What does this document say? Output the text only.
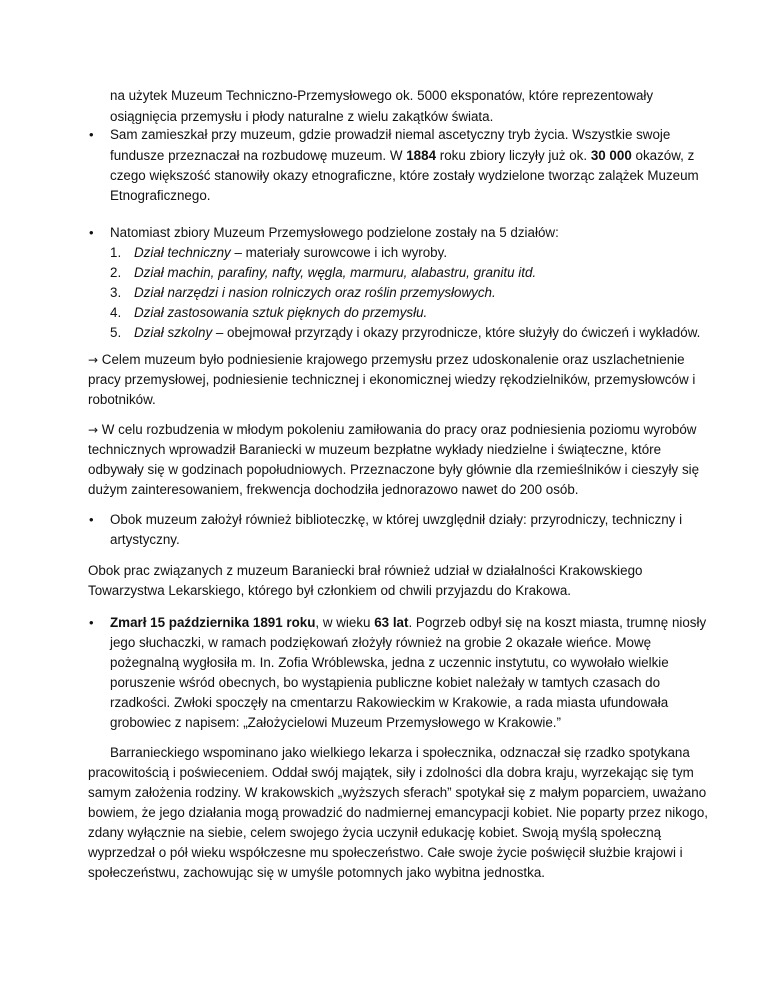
na użytek Muzeum Techniczno-Przemysłowego ok. 5000 eksponatów, które reprezentowały
osiągnięcia przemysłu i płody naturalne z wielu zakątków świata.
• Sam zamieszkał przy muzeum, gdzie prowadził niemal ascetyczny tryb życia. Wszystkie swoje
fundusze przeznaczał na rozbudowę muzeum. W 1884 roku zbiory liczyły już ok. 30 000 okazów, z
czego większość stanowiły okazy etnograficzne, które zostały wydzielone tworząc zalążek Muzeum
Etnograficznego.
• Natomiast zbiory Muzeum Przemysłowego podzielone zostały na 5 działów:
1. Dział techniczny – materiały surowcowe i ich wyroby.
2. Dział machin, parafiny, nafty, węgla, marmuru, alabastru, granitu itd.
3. Dział narzędzi i nasion rolniczych oraz roślin przemysłowych.
4. Dział zastosowania sztuk pięknych do przemysłu.
5. Dział szkolny – obejmował przyrządy i okazy przyrodnicze, które służyły do ćwiczeń i wykładów.
→ Celem muzeum było podniesienie krajowego przemysłu przez udoskonalenie oraz uszlachetnienie
pracy przemysłowej, podniesienie technicznej i ekonomicznej wiedzy rękodzielników, przemysłowców i
robotników.
→ W celu rozbudzenia w młodym pokoleniu zamiłowania do pracy oraz podniesienia poziomu wyrobów
technicznych wprowadził Baraniecki w muzeum bezpłatne wykłady niedzielne i świąteczne, które
odbywały się w godzinach popołudniowych. Przeznaczone były głównie dla rzemieślników i cieszyły się
dużym zainteresowaniem, frekwencja dochodziła jednorazowo nawet do 200 osób.
• Obok muzeum założył również biblioteczkę, w której uwzględnił działy: przyrodniczy, techniczny i
artystyczny.
Obok prac związanych z muzeum Baraniecki brał również udział w działalności Krakowskiego
Towarzystwa Lekarskiego, którego był członkiem od chwili przyjazdu do Krakowa.
• Zmarł 15 października 1891 roku, w wieku 63 lat. Pogrzeb odbył się na koszt miasta, trumnę niosły
jego słuchaczki, w ramach podziękowań złożyły również na grobie 2 okazałe wieńce. Mowę
pożegnalną wygłosiła m. In. Zofia Wróblewska, jedna z uczennic instytutu, co wywołało wielkie
poruszenie wśród obecnych, bo wystąpienia publiczne kobiet należały w tamtych czasach do
rzadkości. Zwłoki spoczęły na cmentarzu Rakowieckim w Krakowie, a rada miasta ufundowała
grobowiec z napisem: „Założycielowi Muzeum Przemysłowego w Krakowie.”
Barranieckiego wspominano jako wielkiego lekarza i społecznika, odznaczał się rzadko spotykana
pracowitością i poświeceniem. Oddał swój majątek, siły i zdolności dla dobra kraju, wyrzekając się tym
samym założenia rodziny. W krakowskich „wyższych sferach” spotykał się z małym poparciem, uważano
bowiem, że jego działania mogą prowadzić do nadmiernej emancypacji kobiet. Nie poparty przez nikogo,
zdany wyłącznie na siebie, celem swojego życia uczynił edukację kobiet. Swoją myślą społeczną
wyprzedzał o pół wieku współczesne mu społeczeństwo. Całe swoje życie poświęcił służbie krajowi i
społeczeństwu, zachowując się w umyśle potomnych jako wybitna jednostka.
